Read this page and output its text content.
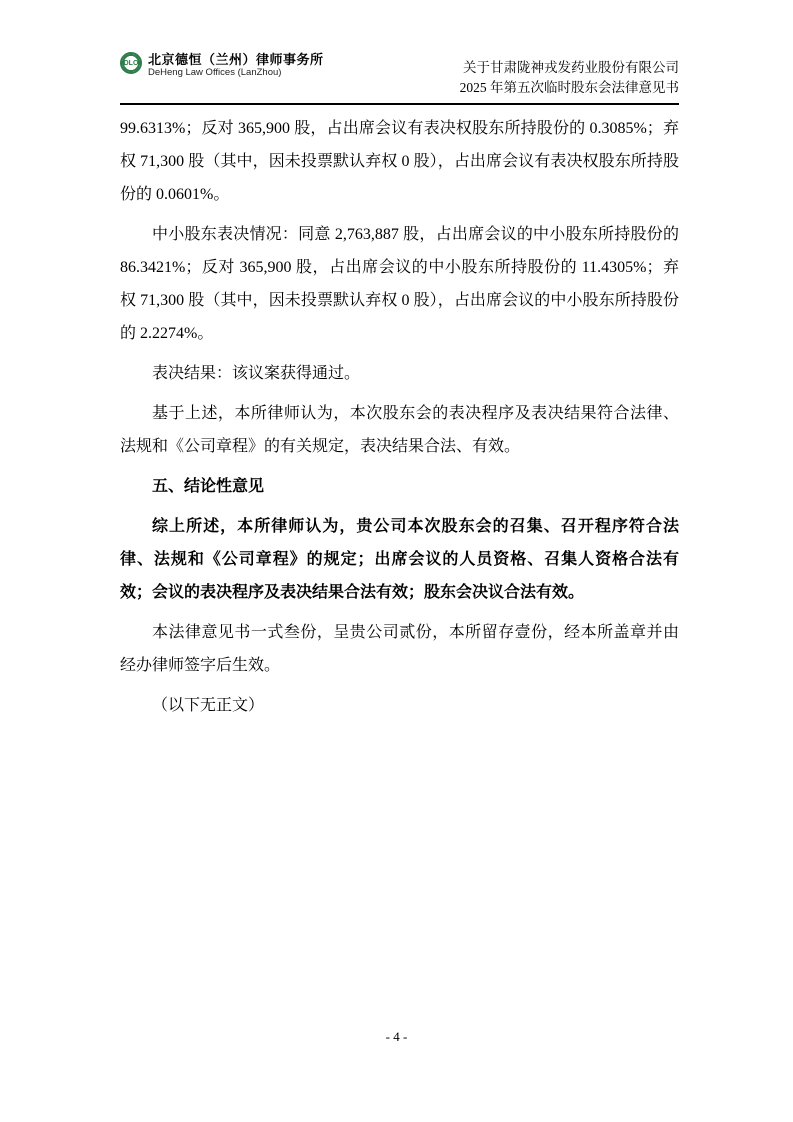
DLO 北京德恒（兰州）律师事务所
DeHeng Law Offices (LanZhou)	关于甘肃陇神戎发药业股份有限公司
2025 年第五次临时股东会法律意见书

99.6313%；反对 365,900 股，占出席会议有表决权股东所持股份的 0.3085%；弃权 71,300 股（其中，因未投票默认弃权 0 股），占出席会议有表决权股东所持股份的 0.0601%。

中小股东表决情况：同意 2,763,887 股，占出席会议的中小股东所持股份的 86.3421%；反对 365,900 股，占出席会议的中小股东所持股份的 11.4305%；弃权 71,300 股（其中，因未投票默认弃权 0 股），占出席会议的中小股东所持股份的 2.2274%。

表决结果：该议案获得通过。

基于上述，本所律师认为，本次股东会的表决程序及表决结果符合法律、法规和《公司章程》的有关规定，表决结果合法、有效。

五、结论性意见

综上所述，本所律师认为，贵公司本次股东会的召集、召开程序符合法律、法规和《公司章程》的规定；出席会议的人员资格、召集人资格合法有效；会议的表决程序及表决结果合法有效；股东会决议合法有效。

本法律意见书一式叁份，呈贵公司贰份，本所留存壹份，经本所盖章并由经办律师签字后生效。

（以下无正文）

- 4 -
